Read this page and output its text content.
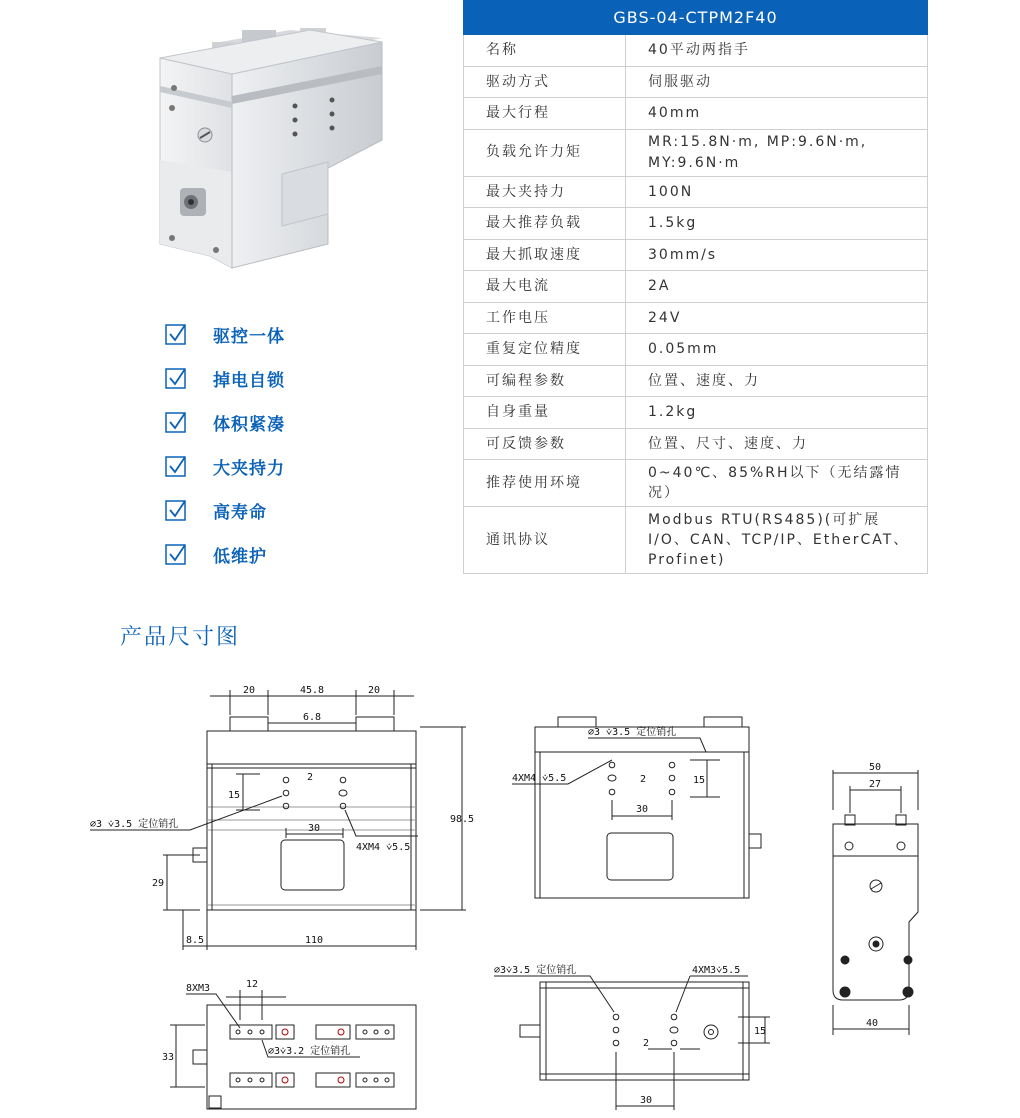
驱控一体
掉电自锁
体积紧凑
大夹持力
高寿命
低维护
GBS-04-CTPM2F40	
名称	40平动两指手
驱动方式	伺服驱动
最大行程	40mm
负载允许力矩	MR:15.8N·m, MP:9.6N·m, MY:9.6N·m
最大夹持力	100N
最大推荐负载	1.5kg
最大抓取速度	30mm/s
最大电流	2A
工作电压	24V
重复定位精度	0.05mm
可编程参数	位置、速度、力
自身重量	1.2kg
可反馈参数	位置、尺寸、速度、力
推荐使用环境	0~40℃、85%RH以下（无结露情况）
通讯协议	Modbus RTU(RS485)(可扩展I/O、CAN、TCP/IP、EtherCAT、Profinet)
产品尺寸图
20	45.8	20
6.8
2
15
30
∅3 ⩒3.5 定位销孔
4XM4 ⩒5.5
29
98.5
8.5	110
∅3 ⩒3.5 定位销孔
4XM4 ⩒5.5	2	15
30
50
27
40
8XM3	12
33
∅3⩒3.2 定位销孔
∅3⩒3.5 定位销孔	4XM3⩒5.5
2
15
30
